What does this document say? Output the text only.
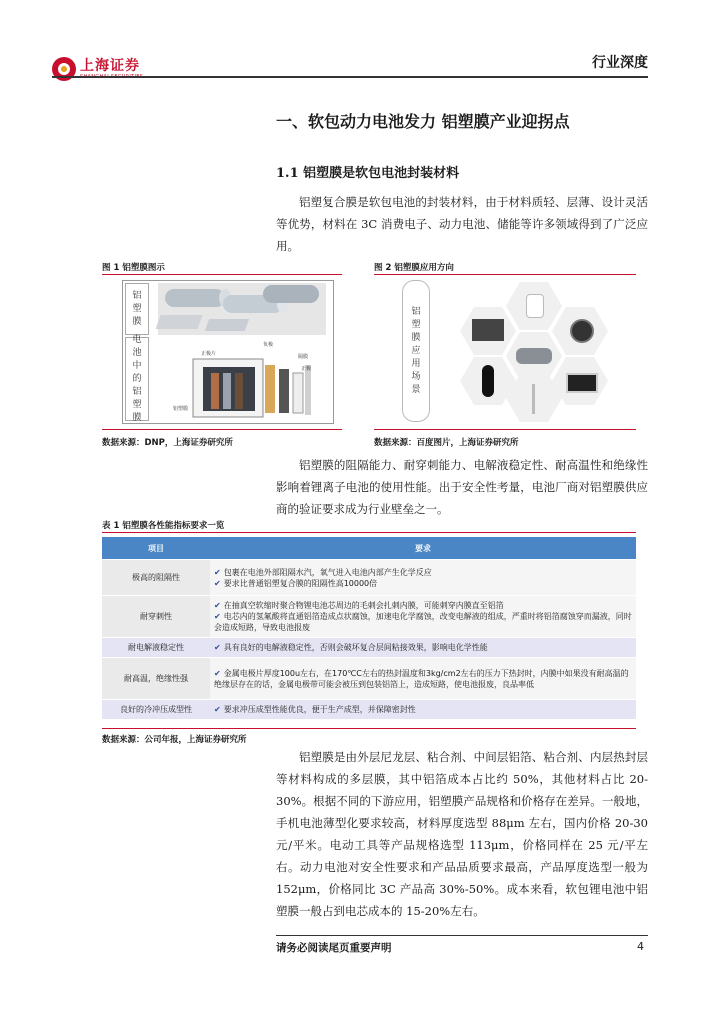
上海证券
SHANGHAI SECURITIES
行业深度
一、软包动力电池发力 铝塑膜产业迎拐点
1.1 铝塑膜是软包电池封装材料
铝塑复合膜是软包电池的封装材料，由于材料质轻、层薄、设计灵活等优势，材料在 3C 消费电子、动力电池、储能等许多领域得到了广泛应用。
图 1 铝塑膜图示	图 2 铝塑膜应用方向
铝塑膜
电池中的铝塑膜
正极片
负极
隔膜
正极
铝塑膜
铝塑膜应用场景
数据来源：DNP，上海证券研究所	数据来源：百度图片，上海证券研究所
铝塑膜的阻隔能力、耐穿刺能力、电解液稳定性、耐高温性和绝缘性影响着锂离子电池的使用性能。出于安全性考量，电池厂商对铝塑膜供应商的验证要求成为行业壁垒之一。
表 1 铝塑膜各性能指标要求一览
项目	要求
极高的阻隔性	✔ 包裹在电池外部阻隔水汽，氧气进入电池内部产生化学反应
✔ 要求比普通铝塑复合膜的阻隔性高10000倍

耐穿刺性	✔ 在抽真空软缩时聚合物锂电池芯周边的毛刺会扎刺内膜，可能刺穿内膜直至铝箔
✔ 电芯内的氢氟酸将直通铝箔造成点状腐蚀，加速电化学腐蚀，改变电解液的组成，严重时将铝箔腐蚀穿而漏液，同时会造成短路，导致电池报废

耐电解液稳定性	✔ 具有良好的电解液稳定性，否则会破坏复合层间粘接效果，影响电化学性能

耐高温，绝缘性强	✔ 金属电极片厚度100u左右，在170℃C左右的热封温度和3kg/cm2左右的压力下热封时，内膜中如果没有耐高温的绝缘层存在的话，金属电极带可能会被压到包装铝箔上，造成短路，使电池报废，良品率低

良好的冷冲压成型性	✔ 要求冲压成型性能优良，便于生产成型，并保障密封性
数据来源：公司年报，上海证券研究所
铝塑膜是由外层尼龙层、粘合剂、中间层铝箔、粘合剂、内层热封层等材料构成的多层膜，其中铝箔成本占比约 50%，其他材料占比 20-30%。根据不同的下游应用，铝塑膜产品规格和价格存在差异。一般地，手机电池薄型化要求较高，材料厚度选型 88μm 左右，国内价格 20-30 元/平米。电动工具等产品规格选型 113μm，价格同样在 25 元/平左右。动力电池对安全性要求和产品品质要求最高，产品厚度选型一般为 152μm，价格同比 3C 产品高 30%-50%。成本来看，软包锂电池中铝塑膜一般占到电芯成本的 15-20%左右。
请务必阅读尾页重要声明	4
